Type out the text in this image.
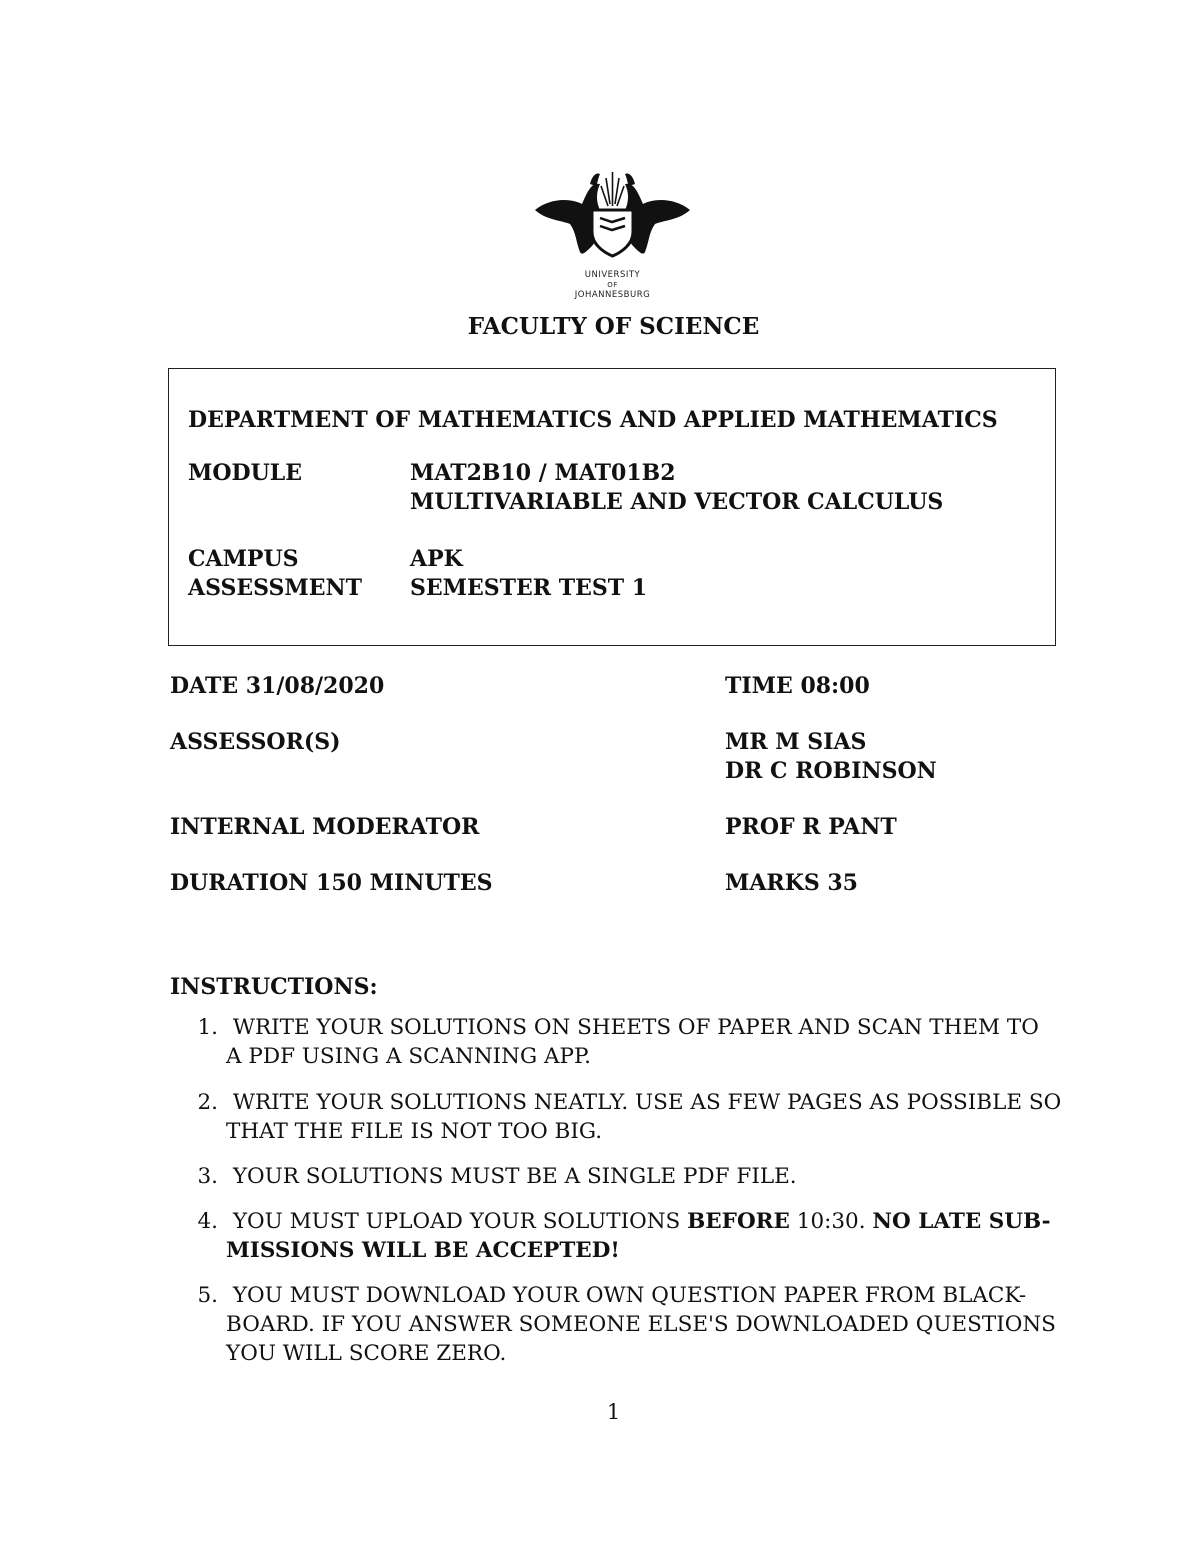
UNIVERSITY
OF
JOHANNESBURG
FACULTY OF SCIENCE
DEPARTMENT OF MATHEMATICS AND APPLIED MATHEMATICS
MODULE	MAT2B10 / MAT01B2
MULTIVARIABLE AND VECTOR CALCULUS
CAMPUS	APK
ASSESSMENT SEMESTER TEST 1
DATE 31/08/2020	TIME 08:00
ASSESSOR(S)	MR M SIAS
DR C ROBINSON
INTERNAL MODERATOR	PROF R PANT
DURATION 150 MINUTES	MARKS 35
INSTRUCTIONS:
1. WRITE YOUR SOLUTIONS ON SHEETS OF PAPER AND SCAN THEM TO
A PDF USING A SCANNING APP.
2. WRITE YOUR SOLUTIONS NEATLY. USE AS FEW PAGES AS POSSIBLE SO
THAT THE FILE IS NOT TOO BIG.
3. YOUR SOLUTIONS MUST BE A SINGLE PDF FILE.
4. YOU MUST UPLOAD YOUR SOLUTIONS BEFORE 10:30. NO LATE SUB-
MISSIONS WILL BE ACCEPTED!
5. YOU MUST DOWNLOAD YOUR OWN QUESTION PAPER FROM BLACK-
BOARD. IF YOU ANSWER SOMEONE ELSE'S DOWNLOADED QUESTIONS
YOU WILL SCORE ZERO.
1
